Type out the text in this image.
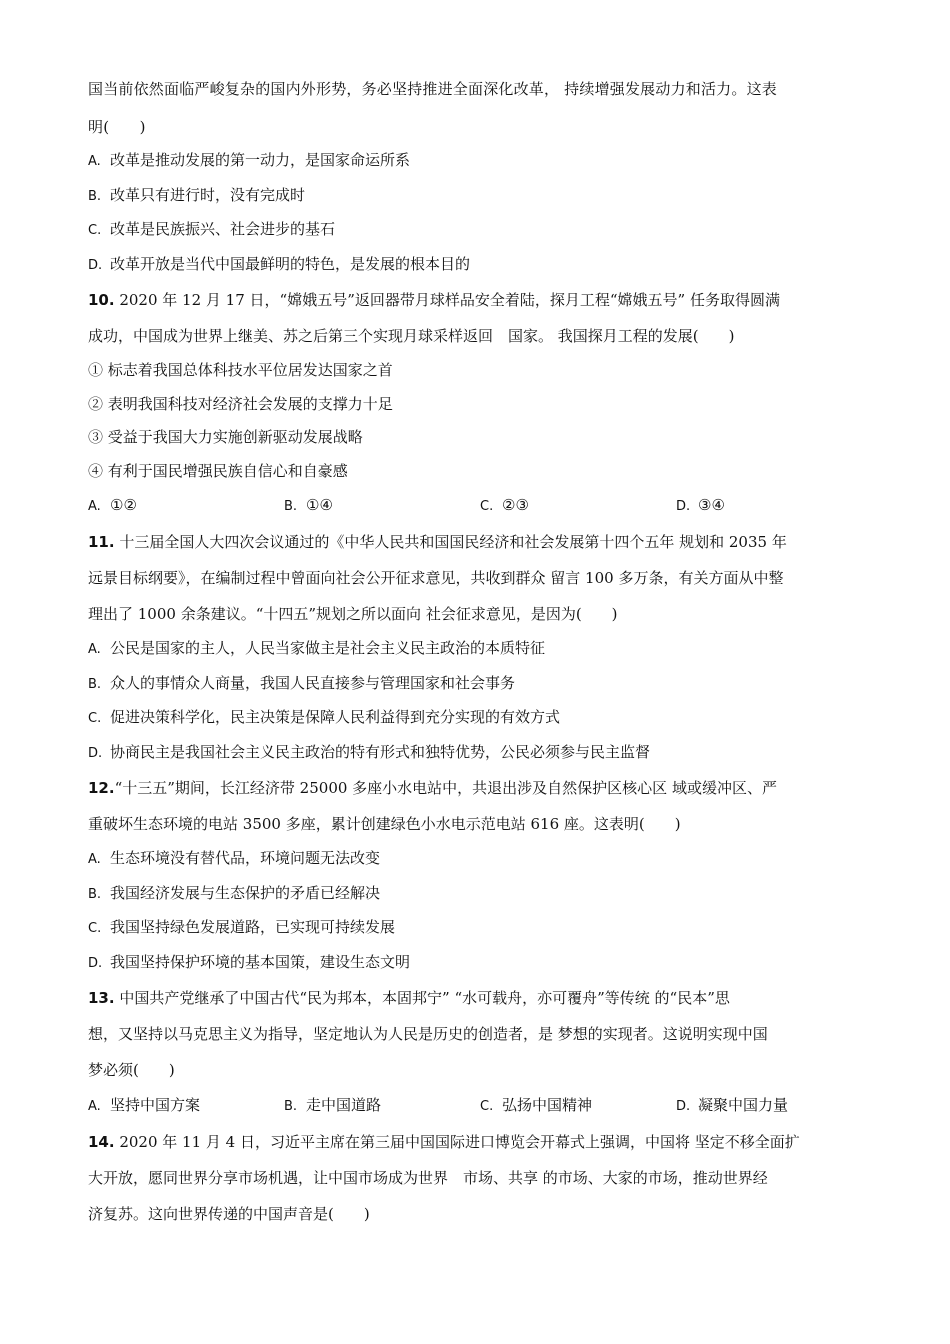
国当前依然面临严峻复杂的国内外形势，务必坚持推进全面深化改革， 持续增强发展动力和活力。这表
明(　　)
A. 改革是推动发展的第一动力，是国家命运所系
B. 改革只有进行时，没有完成时
C. 改革是民族振兴、社会进步的基石
D. 改革开放是当代中国最鲜明的特色，是发展的根本目的
10. 2020 年 12 月 17 日，“嫦娥五号”返回器带月球样品安全着陆，探月工程“嫦娥五号” 任务取得圆满
成功，中国成为世界上继美、苏之后第三个实现月球采样返回　国家。 我国探月工程的发展(　　)
① 标志着我国总体科技水平位居发达国家之首
② 表明我国科技对经济社会发展的支撑力十足
③ 受益于我国大力实施创新驱动发展战略
④ 有利于国民增强民族自信心和自豪感
A. ①②	B. ①④	C. ②③	D. ③④
11. 十三届全国人大四次会议通过的《中华人民共和国国民经济和社会发展第十四个五年 规划和 2035 年
远景目标纲要》，在编制过程中曾面向社会公开征求意见，共收到群众 留言 100 多万条，有关方面从中整
理出了 1000 余条建议。“十四五”规划之所以面向 社会征求意见，是因为(　　)
A. 公民是国家的主人，人民当家做主是社会主义民主政治的本质特征
B. 众人的事情众人商量，我国人民直接参与管理国家和社会事务
C. 促进决策科学化，民主决策是保障人民利益得到充分实现的有效方式
D. 协商民主是我国社会主义民主政治的特有形式和独特优势，公民必须参与民主监督
12.“十三五”期间，长江经济带 25000 多座小水电站中，共退出涉及自然保护区核心区 域或缓冲区、严
重破坏生态环境的电站 3500 多座，累计创建绿色小水电示范电站 616 座。这表明(　　)
A. 生态环境没有替代品，环境问题无法改变
B. 我国经济发展与生态保护的矛盾已经解决
C. 我国坚持绿色发展道路，已实现可持续发展
D. 我国坚持保护环境的基本国策，建设生态文明
13. 中国共产党继承了中国古代“民为邦本，本固邦宁” “水可载舟，亦可覆舟”等传统 的“民本”思
想，又坚持以马克思主义为指导，坚定地认为人民是历史的创造者，是 梦想的实现者。这说明实现中国
梦必须(　　)
A. 坚持中国方案	B. 走中国道路	C. 弘扬中国精神	D. 凝聚中国力量
14. 2020 年 11 月 4 日，习近平主席在第三届中国国际进口博览会开幕式上强调，中国将 坚定不移全面扩
大开放，愿同世界分享市场机遇，让中国市场成为世界　市场、共享 的市场、大家的市场，推动世界经
济复苏。这向世界传递的中国声音是(　　)
